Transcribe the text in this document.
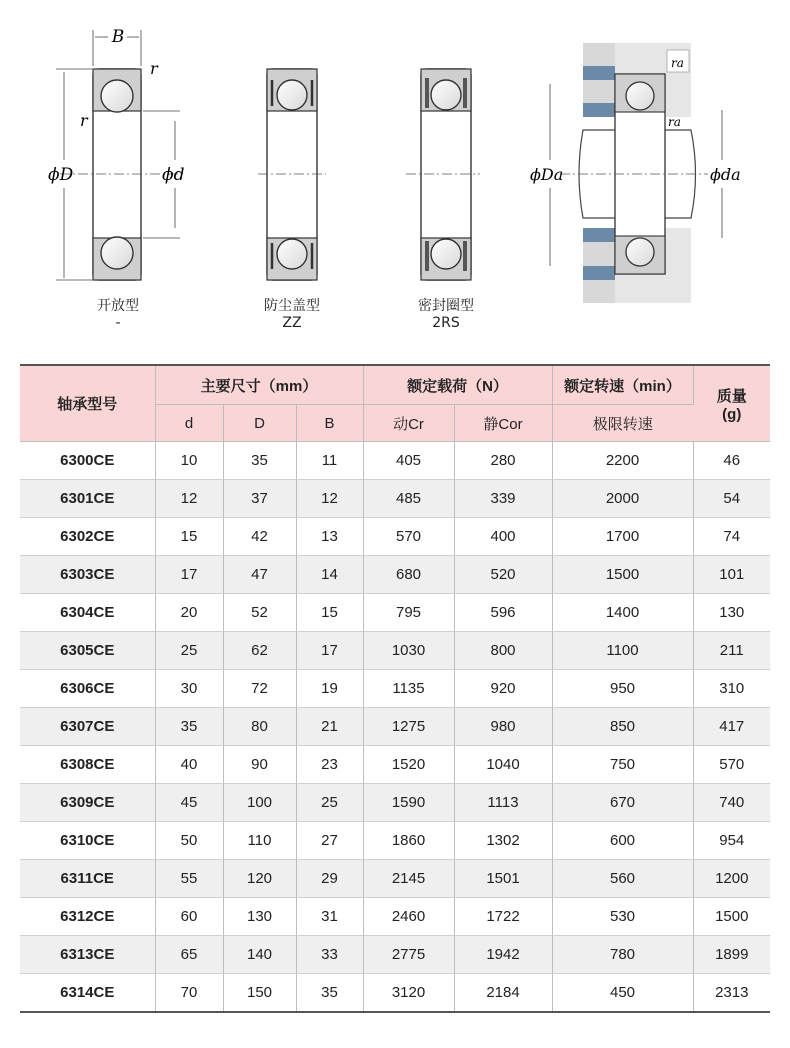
B
r
r
ϕD	ϕd	ϕDa	ϕda
ra
ra
开放型
-
防尘盖型
ZZ
密封圈型
2RS
轴承型号	主要尺寸（mm）			额定载荷（N）		额定转速（min）	质量
(g)

	d	D	B	动Cr	静Cor	极限转速	
6300CE	10	35	11	405	280	2200	46
6301CE	12	37	12	485	339	2000	54
6302CE	15	42	13	570	400	1700	74
6303CE	17	47	14	680	520	1500	101
6304CE	20	52	15	795	596	1400	130
6305CE	25	62	17	1030	800	1100	211
6306CE	30	72	19	1135	920	950	310
6307CE	35	80	21	1275	980	850	417
6308CE	40	90	23	1520	1040	750	570
6309CE	45	100	25	1590	1113	670	740
6310CE	50	110	27	1860	1302	600	954
6311CE	55	120	29	2145	1501	560	1200
6312CE	60	130	31	2460	1722	530	1500
6313CE	65	140	33	2775	1942	780	1899
6314CE	70	150	35	3120	2184	450	2313
